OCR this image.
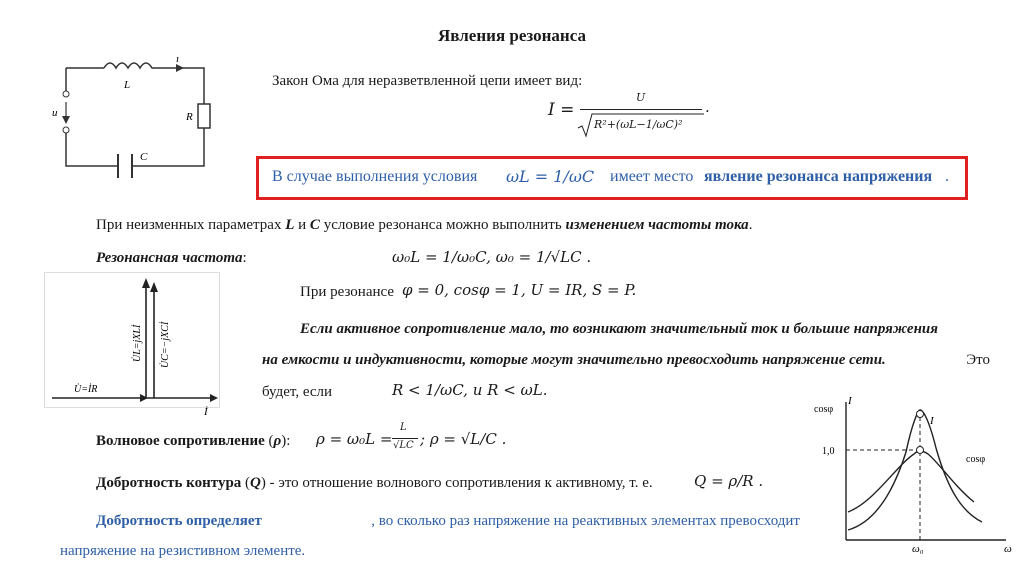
Явления резонанса
L
i
u	R
C
Закон Ома для неразветвленной цепи имеет вид:
I =
U
R²+(ωL−1/ωC)²
.
В случае выполнения условия ωL = 1/ωC имеет место явление резонанса напряжения .
При неизменных параметрах L и C условие резонанса можно выполнить изменением частоты тока.
Резонансная частота:	ω₀L = 1/ω₀C, ω₀ = 1/√LC .
При резонансе φ = 0, cosφ = 1, U = IR, S = P.
U̇L=jXLİ U̇C=−jXCİ
U̇=İR
İ
Если активное сопротивление мало, то возникают значительный ток и большие напряжения
на емкости и индуктивности, которые могут значительно превосходить напряжение сети.	Это
будет, если	R < 1/ωC, и R < ωL.
Волновое сопротивление (ρ): ρ = ω₀L =
L
√LC ; ρ = √L/C .
Добротность контура (Q) - это отношение волнового сопротивления к активному, т. е.	Q = ρ/R .
Добротность определяет	, во сколько раз напряжение на реактивных элементах превосходит
напряжение на резистивном элементе.
cosφ
I
1,0
I
cosφ
ω₀	ω
